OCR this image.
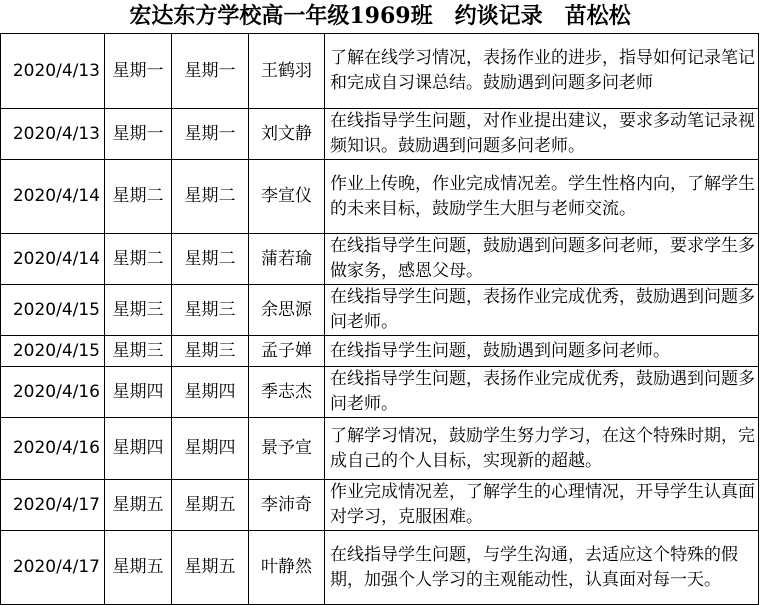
宏达东方学校高一年级1969班　约谈记录　苗松松
2020/4/13	星期一	星期一	王鹤羽	了解在线学习情况，表扬作业的进步，指导如何记录笔记和完成自习课总结。鼓励遇到问题多问老师
2020/4/13	星期一	星期一	刘文静	在线指导学生问题，对作业提出建议，要求多动笔记录视频知识。鼓励遇到问题多问老师。
2020/4/14	星期二	星期二	李宣仪	作业上传晚，作业完成情况差。学生性格内向，了解学生的未来目标，鼓励学生大胆与老师交流。
2020/4/14	星期二	星期二	蒲若瑜	在线指导学生问题，鼓励遇到问题多问老师，要求学生多做家务，感恩父母。
2020/4/15	星期三	星期三	余思源	在线指导学生问题，表扬作业完成优秀，鼓励遇到问题多问老师。
2020/4/15	星期三	星期三	孟子婵	在线指导学生问题，鼓励遇到问题多问老师。
2020/4/16	星期四	星期四	季志杰	在线指导学生问题，表扬作业完成优秀，鼓励遇到问题多问老师。
2020/4/16	星期四	星期四	景予宣	了解学习情况，鼓励学生努力学习，在这个特殊时期，完成自己的个人目标，实现新的超越。
2020/4/17	星期五	星期五	李沛奇	作业完成情况差，了解学生的心理情况，开导学生认真面对学习，克服困难。
2020/4/17	星期五	星期五	叶静然	在线指导学生问题，与学生沟通，去适应这个特殊的假期，加强个人学习的主观能动性，认真面对每一天。
